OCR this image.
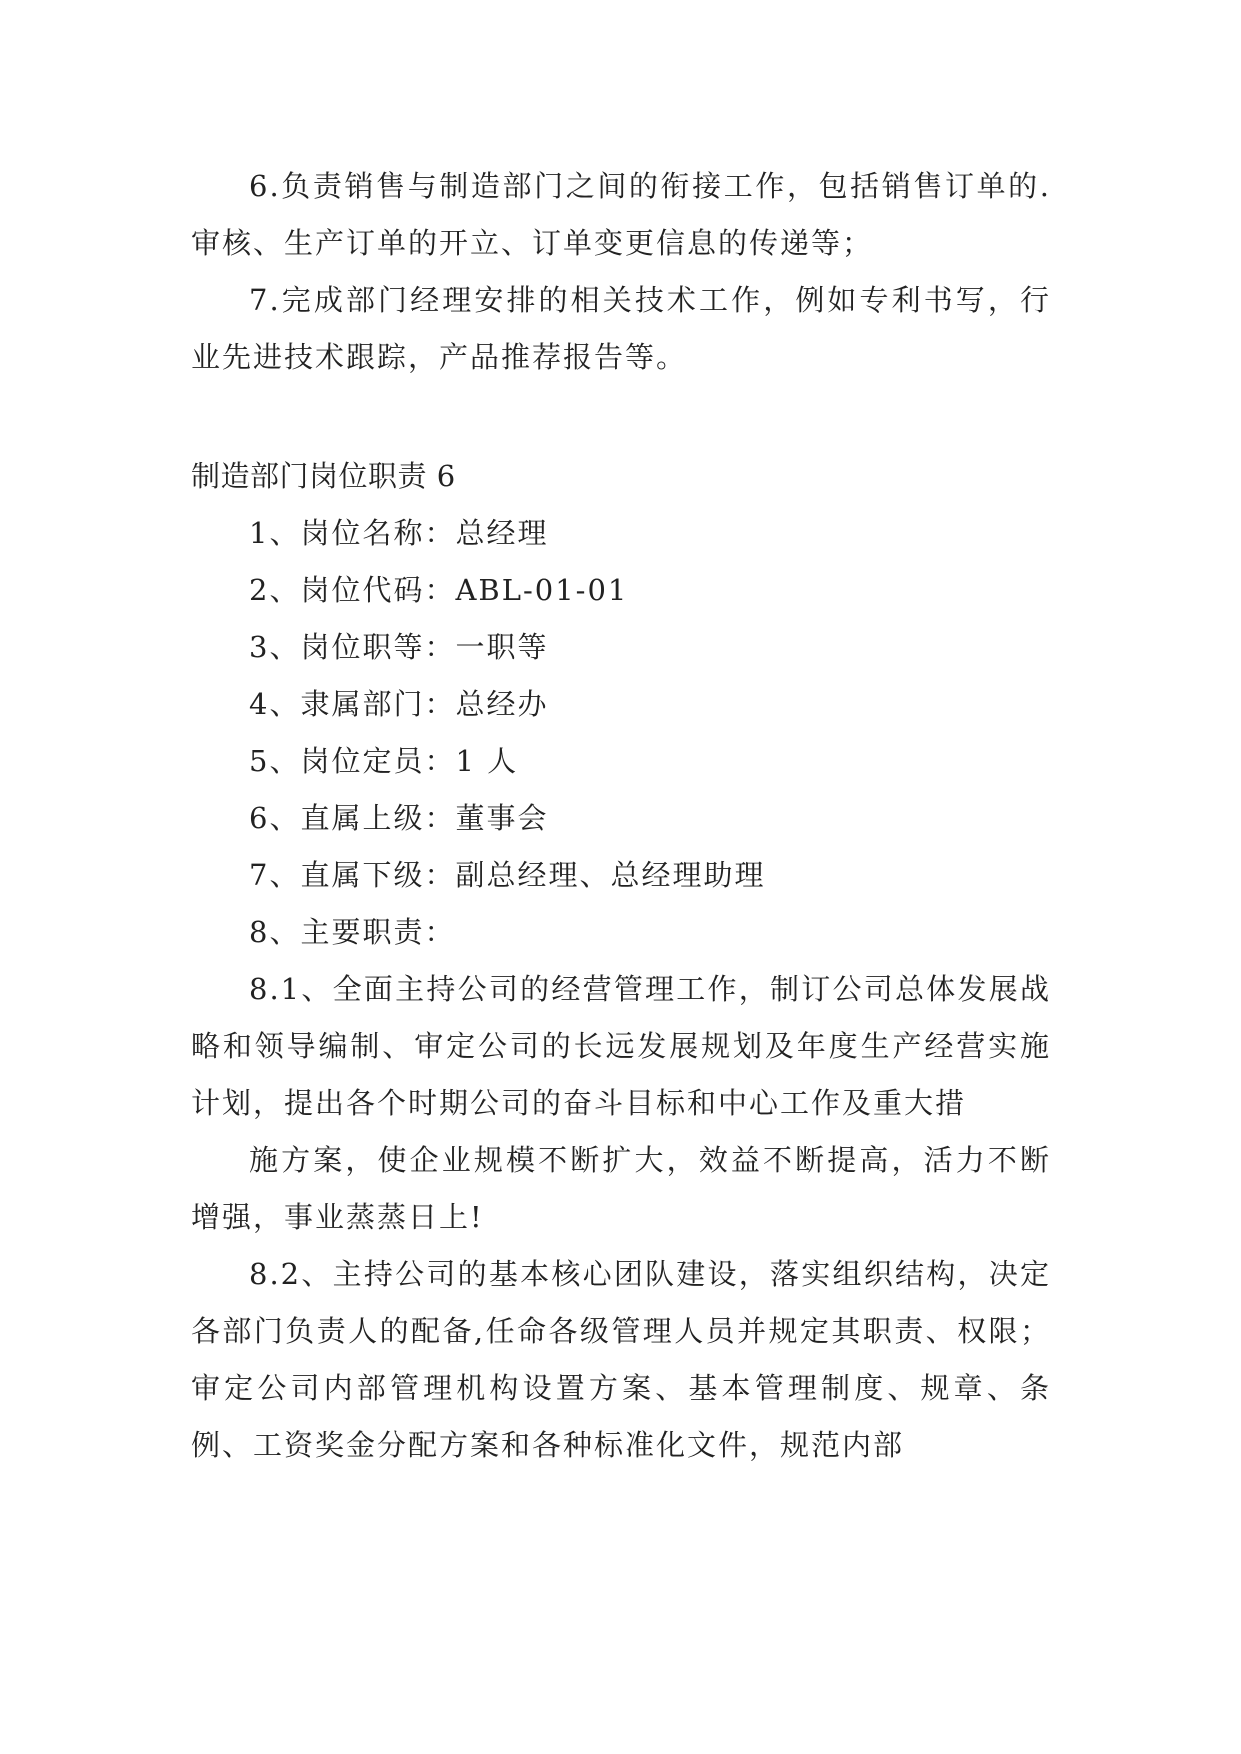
6.负责销售与制造部门之间的衔接工作，包括销售订单的.审核、生产订单的开立、订单变更信息的传递等；

7.完成部门经理安排的相关技术工作，例如专利书写，行业先进技术跟踪，产品推荐报告等。

制造部门岗位职责 6

1、岗位名称：总经理

2、岗位代码：ABL-01-01

3、岗位职等：一职等

4、隶属部门：总经办

5、岗位定员：1 人

6、直属上级：董事会

7、直属下级：副总经理、总经理助理

8、主要职责：

8.1、全面主持公司的经营管理工作，制订公司总体发展战略和领导编制、审定公司的长远发展规划及年度生产经营实施计划，提出各个时期公司的奋斗目标和中心工作及重大措

施方案，使企业规模不断扩大，效益不断提高，活力不断增强，事业蒸蒸日上!

8.2、主持公司的基本核心团队建设，落实组织结构，决定各部门负责人的配备,任命各级管理人员并规定其职责、权限；审定公司内部管理机构设置方案、基本管理制度、规章、条例、工资奖金分配方案和各种标准化文件，规范内部
